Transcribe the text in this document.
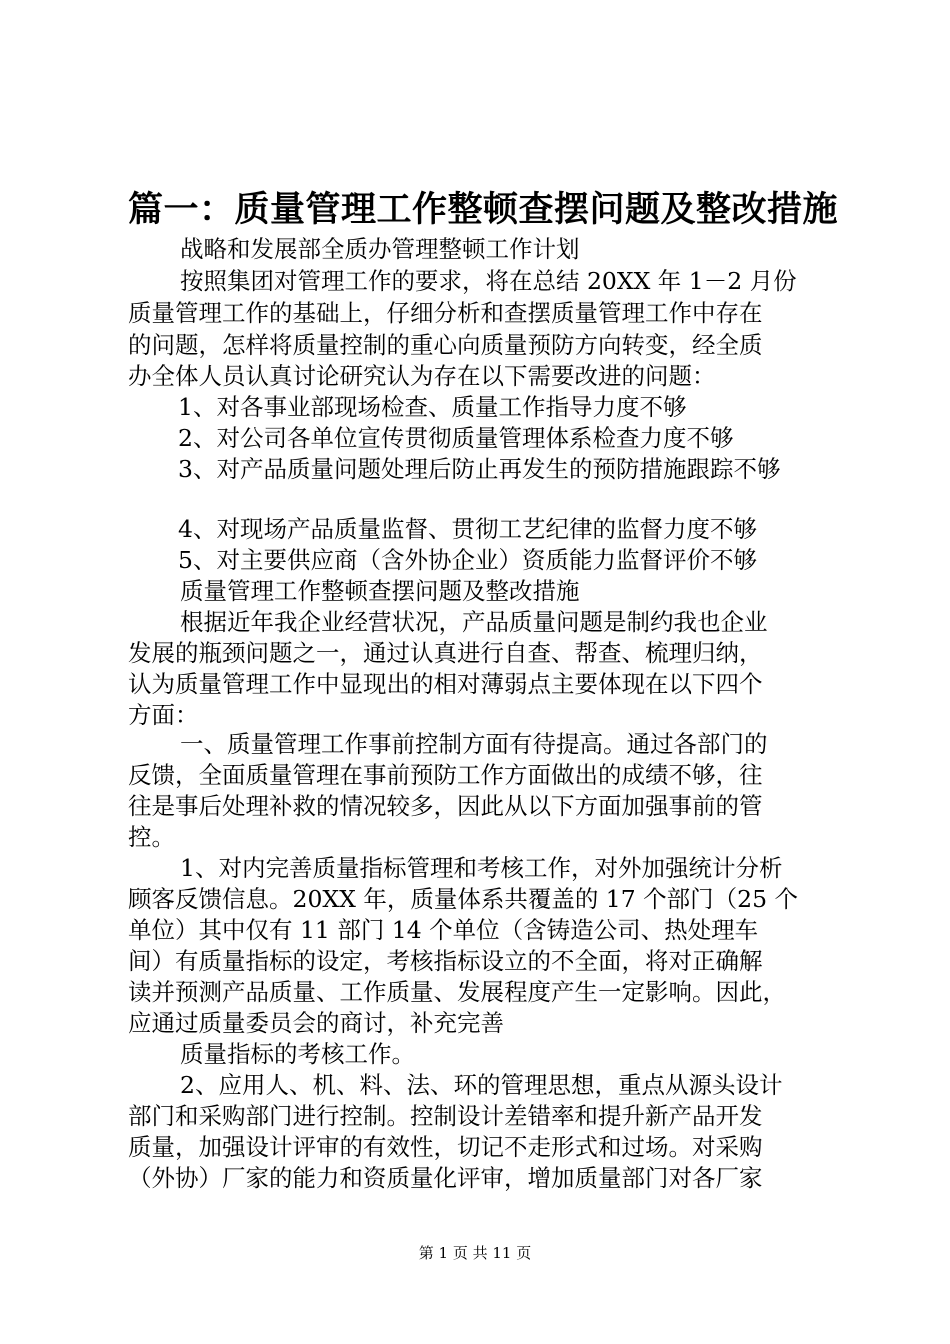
篇一：质量管理工作整顿查摆问题及整改措施
战略和发展部全质办管理整顿工作计划
按照集团对管理工作的要求，将在总结 20XX 年 1－2 月份
质量管理工作的基础上，仔细分析和查摆质量管理工作中存在
的问题，怎样将质量控制的重心向质量预防方向转变，经全质
办全体人员认真讨论研究认为存在以下需要改进的问题：
1、对各事业部现场检查、质量工作指导力度不够
2、对公司各单位宣传贯彻质量管理体系检查力度不够
3、对产品质量问题处理后防止再发生的预防措施跟踪不够
4、对现场产品质量监督、贯彻工艺纪律的监督力度不够
5、对主要供应商（含外协企业）资质能力监督评价不够
质量管理工作整顿查摆问题及整改措施
根据近年我企业经营状况，产品质量问题是制约我也企业
发展的瓶颈问题之一，通过认真进行自查、帮查、梳理归纳，
认为质量管理工作中显现出的相对薄弱点主要体现在以下四个
方面：
一、质量管理工作事前控制方面有待提高。通过各部门的
反馈，全面质量管理在事前预防工作方面做出的成绩不够，往
往是事后处理补救的情况较多，因此从以下方面加强事前的管
控。
1、对内完善质量指标管理和考核工作，对外加强统计分析
顾客反馈信息。20XX 年，质量体系共覆盖的 17 个部门（25 个
单位）其中仅有 11 部门 14 个单位（含铸造公司、热处理车
间）有质量指标的设定，考核指标设立的不全面，将对正确解
读并预测产品质量、工作质量、发展程度产生一定影响。因此，
应通过质量委员会的商讨，补充完善
质量指标的考核工作。
2、应用人、机、料、法、环的管理思想，重点从源头设计
部门和采购部门进行控制。控制设计差错率和提升新产品开发
质量，加强设计评审的有效性，切记不走形式和过场。对采购
（外协）厂家的能力和资质量化评审，增加质量部门对各厂家
第 1 页 共 11 页
